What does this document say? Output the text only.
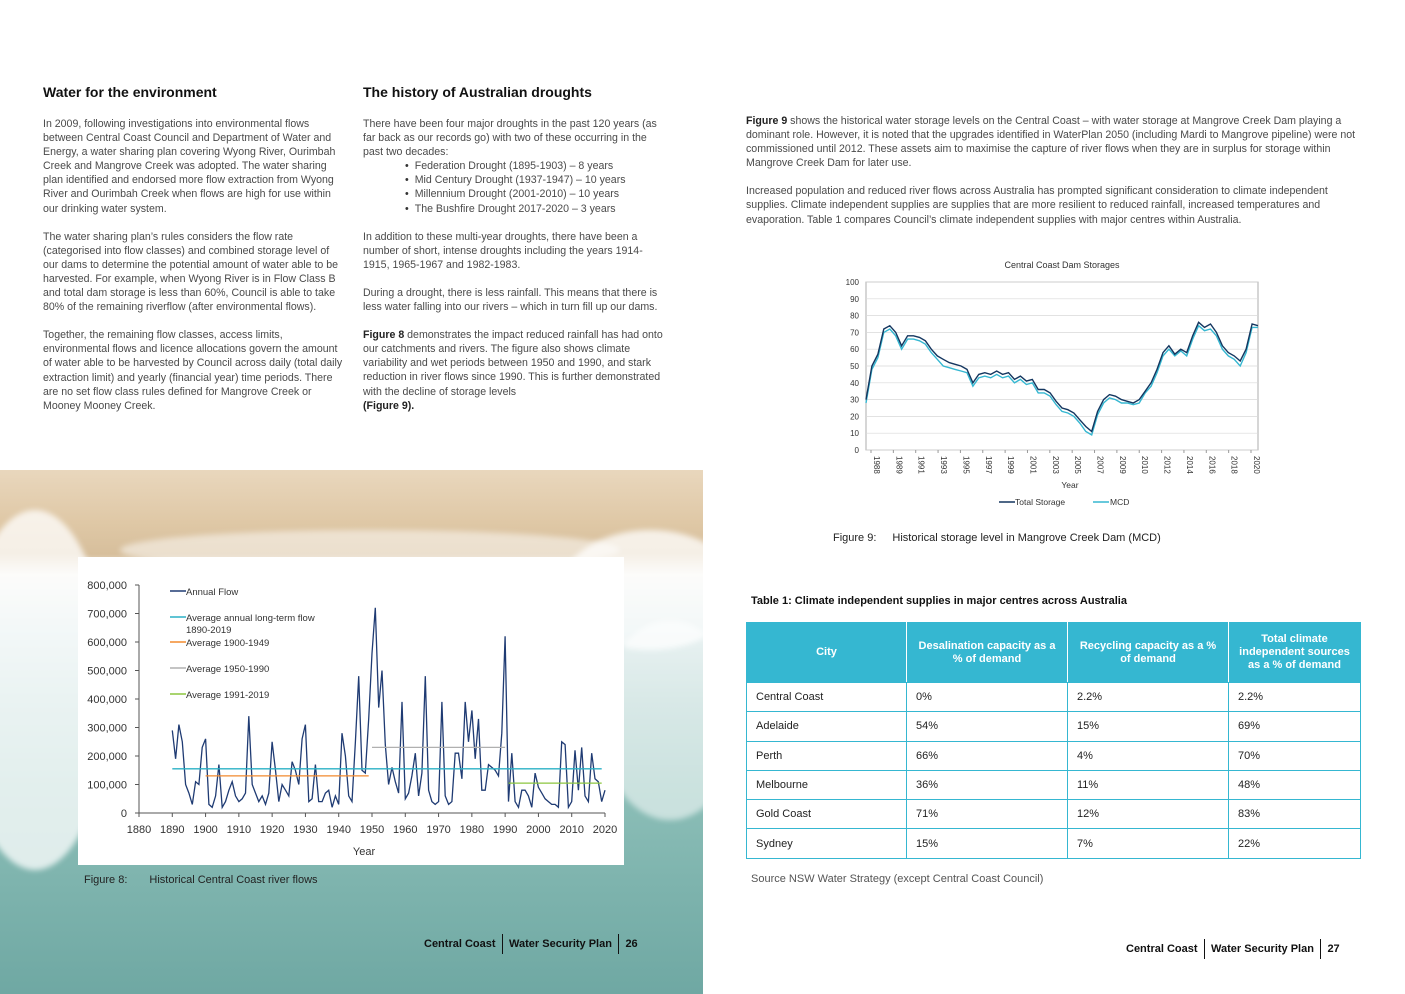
Water for the environment

In 2009, following investigations into environmental flows between Central Coast Council and Department of Water and Energy, a water sharing plan covering Wyong River, Ourimbah Creek and Mangrove Creek was adopted. The water sharing plan identified and endorsed more flow extraction from Wyong River and Ourimbah Creek when flows are high for use within our drinking water system.

The water sharing plan’s rules considers the flow rate (categorised into flow classes) and combined storage level of our dams to determine the potential amount of water able to be harvested. For example, when Wyong River is in Flow Class B and total dam storage is less than 60%, Council is able to take 80% of the remaining riverflow (after environmental flows).

Together, the remaining flow classes, access limits, environmental flows and licence allocations govern the amount of water able to be harvested by Council across daily (total daily extraction limit) and yearly (financial year) time periods. There are no set flow class rules defined for Mangrove Creek or Mooney Mooney Creek.

The history of Australian droughts

There have been four major droughts in the past 120 years (as far back as our records go) with two of these occurring in the past two decades:

• Federation Drought (1895-1903) – 8 years
• Mid Century Drought (1937-1947) – 10 years
• Millennium Drought (2001-2010) – 10 years
• The Bushfire Drought 2017-2020 – 3 years

In addition to these multi-year droughts, there have been a number of short, intense droughts including the years 1914-1915, 1965-1967 and 1982-1983.

During a drought, there is less rainfall. This means that there is less water falling into our rivers – which in turn fill up our dams.

Figure 8 demonstrates the impact reduced rainfall has had onto our catchments and rivers. The figure also shows climate variability and wet periods between 1950 and 1990, and stark reduction in river flows since 1990. This is further demonstrated with the decline of storage levels
(Figure 9).

0
100,000
200,000
300,000
400,000
500,000
600,000
700,000
800,000
1880 1890 1900 1910 1920 1930 1940 1950 1960 1970 1980 1990 2000 2010 2020
Year
Annual Flow
Average annual long-term flow 1890-2019
Average 1900-1949
Average 1950-1990
Average 1991-2019
Figure 8: Historical Central Coast river flows
Central Coast Water Security Plan 26

Figure 9 shows the historical water storage levels on the Central Coast – with water storage at Mangrove Creek Dam playing a dominant role. However, it is noted that the upgrades identified in WaterPlan 2050 (including Mardi to Mangrove pipeline) were not commissioned until 2012. These assets aim to maximise the capture of river flows when they are in surplus for storage within Mangrove Creek Dam for later use.

Increased population and reduced river flows across Australia has prompted significant consideration to climate independent supplies. Climate independent supplies are supplies that are more resilient to reduced rainfall, increased temperatures and evaporation. Table 1 compares Council’s climate independent supplies with major centres within Australia.

Central Coast Dam Storages
0
10
20
30
40
50
60
70
80
90
100
1988 1989 1991 1993 1995 1997 1999 2001 2003 2005 2007 2009 2010 2012 2014 2016 2018 2020
Year
Total Storage	MCD
Figure 9: Historical storage level in Mangrove Creek Dam (MCD)
Table 1: Climate independent supplies in major centres across Australia
City	Desalination capacity as a % of demand	Recycling capacity as a % of demand	Total climate independent sources as a % of demand
Central Coast	0%	2.2%	2.2%
Adelaide	54%	15%	69%
Perth	66%	4%	70%
Melbourne	36%	11%	48%
Gold Coast	71%	12%	83%
Sydney	15%	7%	22%
Source NSW Water Strategy (except Central Coast Council)
Central Coast Water Security Plan 27
